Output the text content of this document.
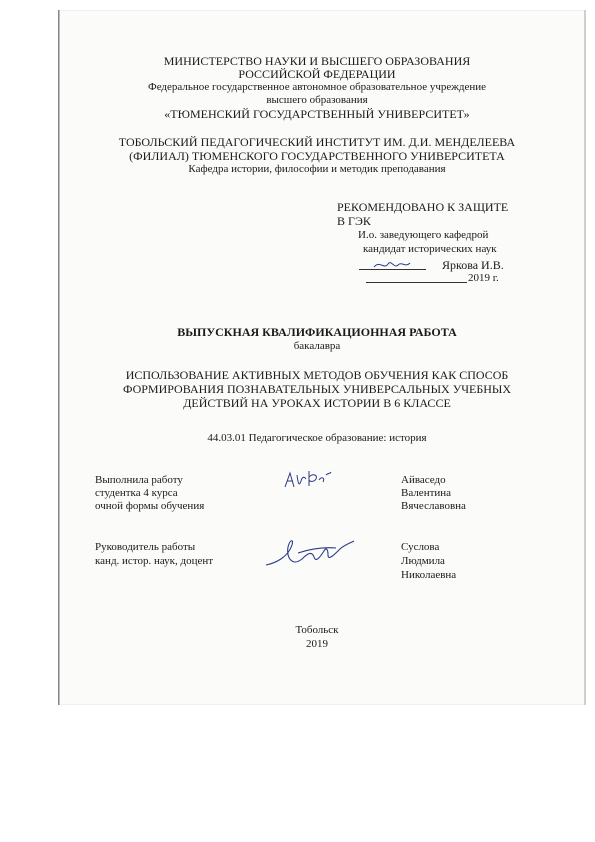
МИНИСТЕРСТВО НАУКИ И ВЫСШЕГО ОБРАЗОВАНИЯ
РОССИЙСКОЙ ФЕДЕРАЦИИ
Федеральное государственное автономное образовательное учреждение
высшего образования
«ТЮМЕНСКИЙ ГОСУДАРСТВЕННЫЙ УНИВЕРСИТЕТ»
ТОБОЛЬСКИЙ ПЕДАГОГИЧЕСКИЙ ИНСТИТУТ ИМ. Д.И. МЕНДЕЛЕЕВА
(ФИЛИАЛ) ТЮМЕНСКОГО ГОСУДАРСТВЕННОГО УНИВЕРСИТЕТА
Кафедра истории, философии и методик преподавания
РЕКОМЕНДОВАНО К ЗАЩИТЕ
В ГЭК
И.о. заведующего кафедрой
кандидат исторических наук
Яркова И.В.
2019 г.
ВЫПУСКНАЯ КВАЛИФИКАЦИОННАЯ РАБОТА
бакалавра
ИСПОЛЬЗОВАНИЕ АКТИВНЫХ МЕТОДОВ ОБУЧЕНИЯ КАК СПОСОБ
ФОРМИРОВАНИЯ ПОЗНАВАТЕЛЬНЫХ УНИВЕРСАЛЬНЫХ УЧЕБНЫХ
ДЕЙСТВИЙ НА УРОКАХ ИСТОРИИ В 6 КЛАССЕ
44.03.01 Педагогическое образование: история
Выполнила работу
студентка 4 курса
очной формы обучения
Айваседо
Валентина
Вячеславовна
Руководитель работы
канд. истор. наук, доцент
Суслова
Людмила
Николаевна
Тобольск
2019
